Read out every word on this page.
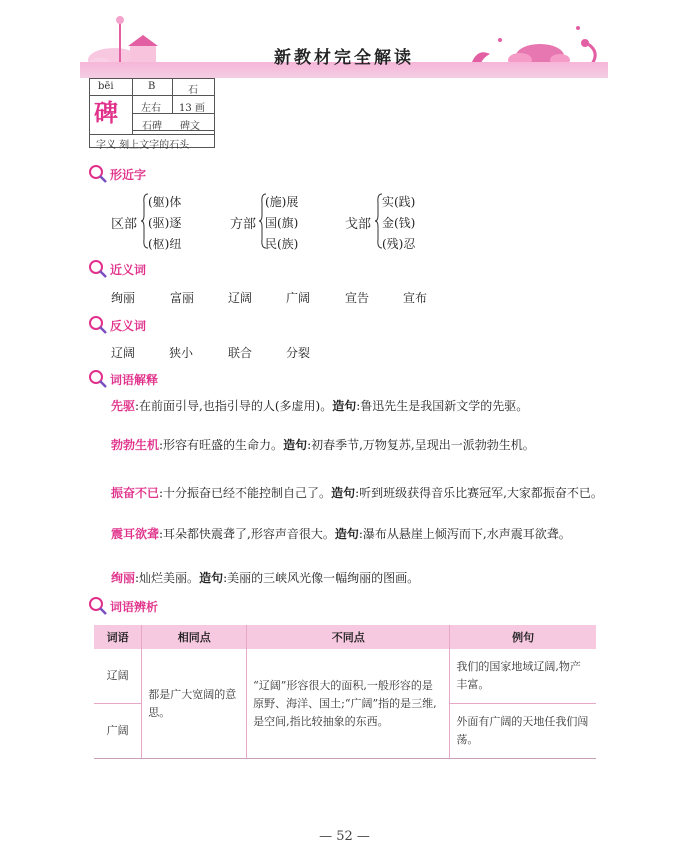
新教材完全解读
bēi	B	石
碑 左右 13 画
石碑 碑文
字义 刻上文字的石头
形近字
区部
(躯)体
(驱)逐
(枢)纽
方部
(施)展
国(旗)
民(族)
戈部
实(践)
金(钱)
(残)忍
近义词
绚丽	富丽	辽阔	广阔	宣告	宣布
反义词
辽阔	狭小	联合	分裂
词语解释
先驱:在前面引导,也指引导的人(多虚用)。造句:鲁迅先生是我国新文学的先驱。
勃勃生机:形容有旺盛的生命力。造句:初春季节,万物复苏,呈现出一派勃勃生机。
振奋不已:十分振奋已经不能控制自己了。造句:听到班级获得音乐比赛冠军,大家都振奋不已。
震耳欲聋:耳朵都快震聋了,形容声音很大。造句:瀑布从悬崖上倾泻而下,水声震耳欲聋。
绚丽:灿烂美丽。造句:美丽的三峡风光像一幅绚丽的图画。
词语辨析
词语	相同点	不同点	例句
辽阔	都是广大宽阔的意思。	“辽阔”形容很大的面积,一般形容的是原野、海洋、国土;“广阔”指的是三维,是空间,指比较抽象的东西。	我们的国家地域辽阔,物产丰富。
广阔			外面有广阔的天地任我们闯荡。
— 52 —
